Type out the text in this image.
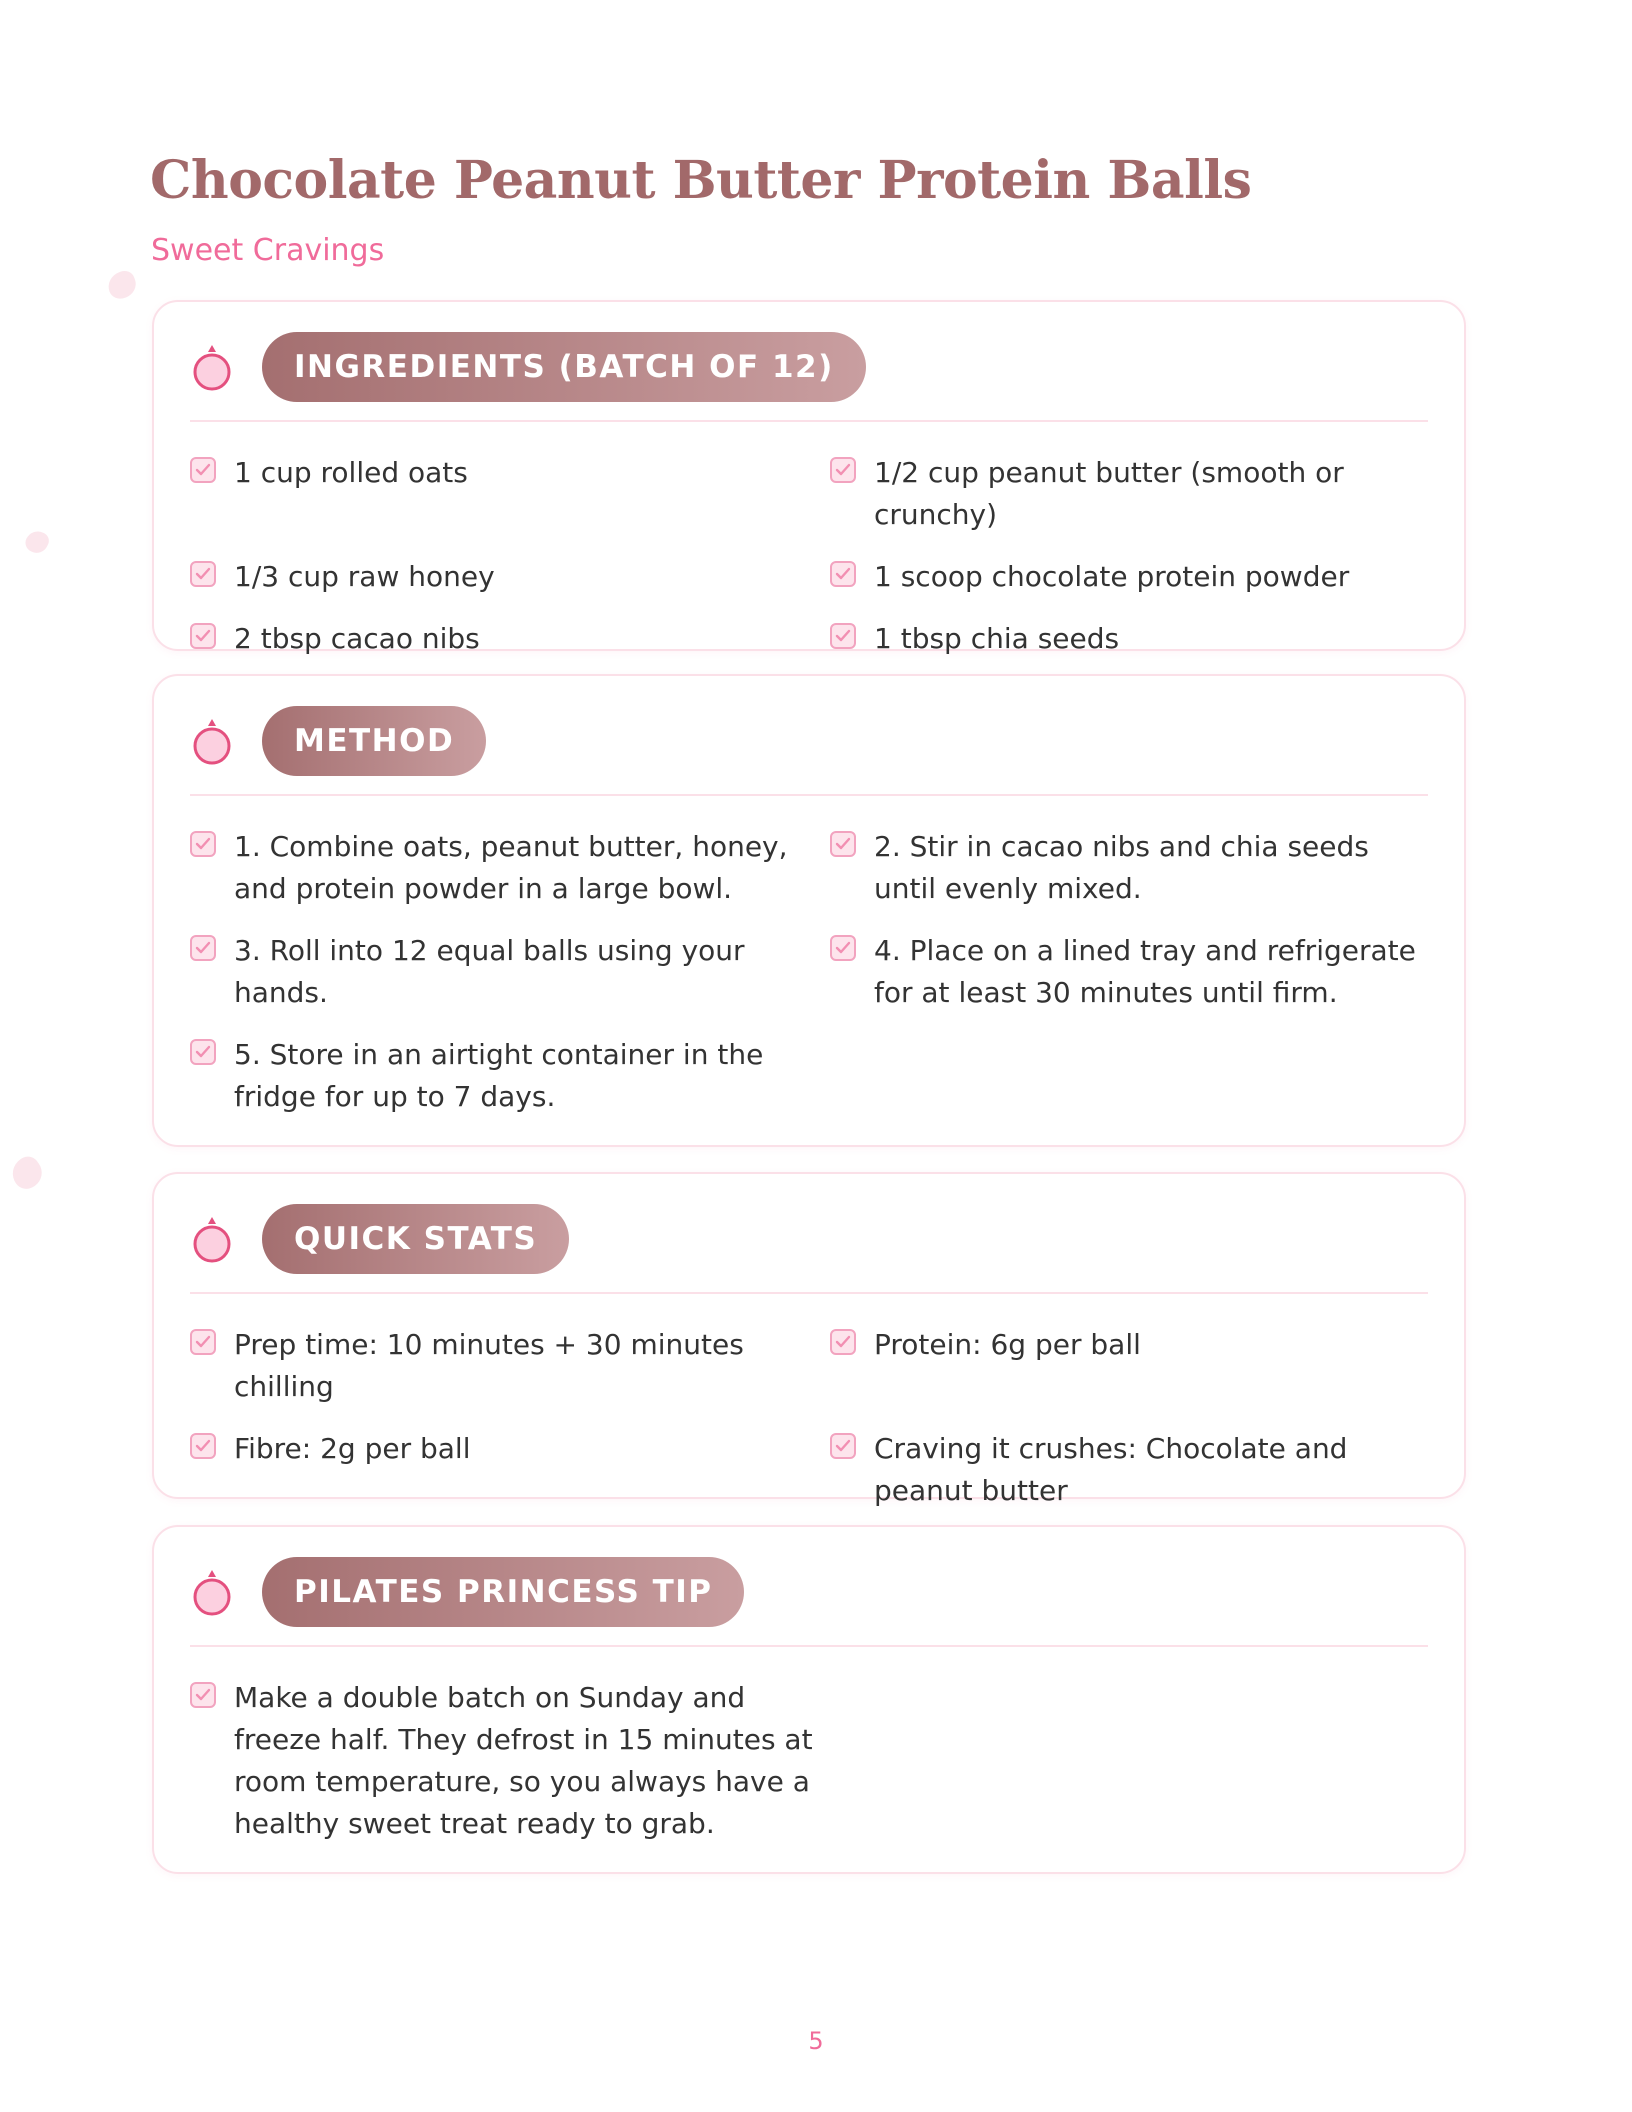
Chocolate Peanut Butter Protein Balls
Sweet Cravings
INGREDIENTS (BATCH OF 12)
1 cup rolled oats	1/2 cup peanut butter (smooth or crunchy)
1/3 cup raw honey	1 scoop chocolate protein powder
2 tbsp cacao nibs	1 tbsp chia seeds
METHOD
1. Combine oats, peanut butter, honey, and protein powder in a large bowl.
2. Stir in cacao nibs and chia seeds until evenly mixed.
3. Roll into 12 equal balls using your hands.
4. Place on a lined tray and refrigerate for at least 30 minutes until firm.
5. Store in an airtight container in the fridge for up to 7 days.
QUICK STATS
Prep time: 10 minutes + 30 minutes chilling
Protein: 6g per ball
Fibre: 2g per ball	Craving it crushes: Chocolate and peanut butter
PILATES PRINCESS TIP
Make a double batch on Sunday and freeze half. They defrost in 15 minutes at room temperature, so you always have a healthy sweet treat ready to grab.
5
